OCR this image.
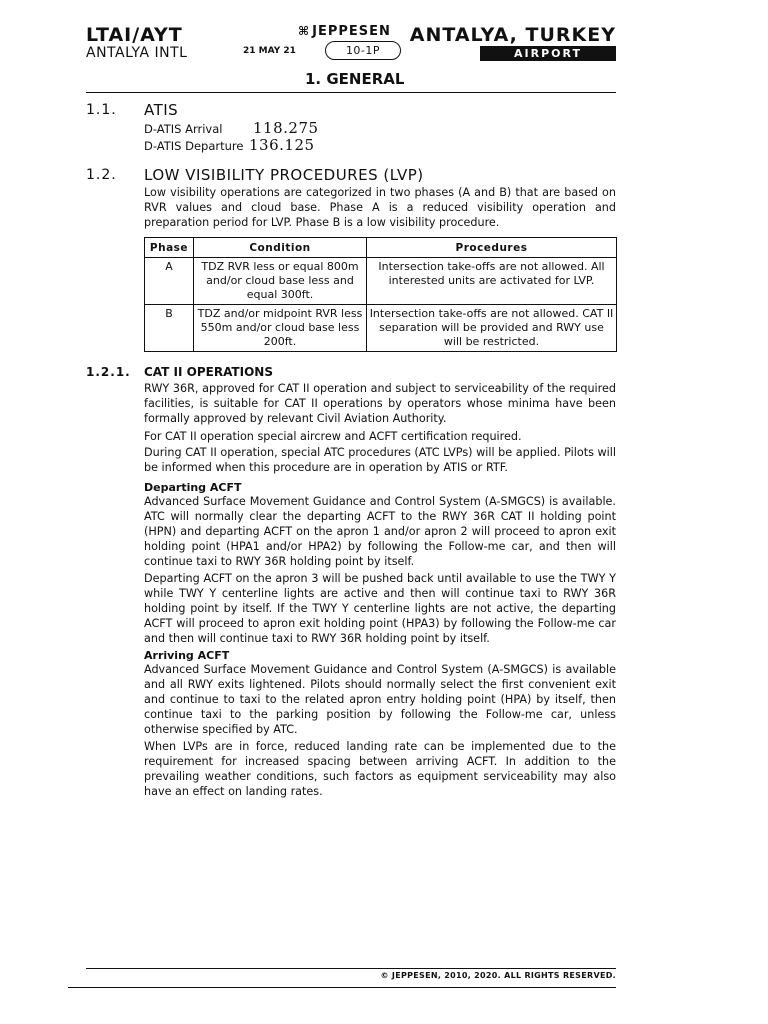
LTAI/AYT
ANTALYA INTL	21 MAY 21
⌘ JEPPESEN
10-1P
ANTALYA, TURKEY
AIRPORT BRIEFING
1. GENERAL
1.1. ATIS
D-ATIS Arrival 118.275
D-ATIS Departure 136.125
1.2. LOW VISIBILITY PROCEDURES (LVP)

Low visibility operations are categorized in two phases (A and B) that are based on RVR values and cloud base. Phase A is a reduced visibility operation and preparation period for LVP. Phase B is a low visibility procedure.

Phase	Condition	Procedures
A	TDZ RVR less or equal 800m and/or cloud base less and equal 300ft.	Intersection take-offs are not allowed. All interested units are activated for LVP.
B	TDZ and/or midpoint RVR less 550m and/or cloud base less 200ft.	Intersection take-offs are not allowed. CAT II separation will be provided and RWY use will be restricted.
1.2.1. CAT II OPERATIONS

RWY 36R, approved for CAT II operation and subject to serviceability of the required facilities, is suitable for CAT II operations by operators whose minima have been formally approved by relevant Civil Aviation Authority.

For CAT II operation special aircrew and ACFT certification required.

During CAT II operation, special ATC procedures (ATC LVPs) will be applied. Pilots will be informed when this procedure are in operation by ATIS or RTF.

Departing ACFT

Advanced Surface Movement Guidance and Control System (A-SMGCS) is available. ATC will normally clear the departing ACFT to the RWY 36R CAT II holding point (HPN) and departing ACFT on the apron 1 and/or apron 2 will proceed to apron exit holding point (HPA1 and/or HPA2) by following the Follow-me car, and then will continue taxi to RWY 36R holding point by itself.

Departing ACFT on the apron 3 will be pushed back until available to use the TWY Y while TWY Y centerline lights are active and then will continue taxi to RWY 36R holding point by itself. If the TWY Y centerline lights are not active, the departing ACFT will proceed to apron exit holding point (HPA3) by following the Follow-me car and then will continue taxi to RWY 36R holding point by itself.

Arriving ACFT

Advanced Surface Movement Guidance and Control System (A-SMGCS) is available and all RWY exits lightened. Pilots should normally select the first convenient exit and continue to taxi to the related apron entry holding point (HPA) by itself, then continue taxi to the parking position by following the Follow-me car, unless otherwise specified by ATC.

When LVPs are in force, reduced landing rate can be implemented due to the requirement for increased spacing between arriving ACFT. In addition to the prevailing weather conditions, such factors as equipment serviceability may also have an effect on landing rates.

© JEPPESEN, 2010, 2020. ALL RIGHTS RESERVED.
